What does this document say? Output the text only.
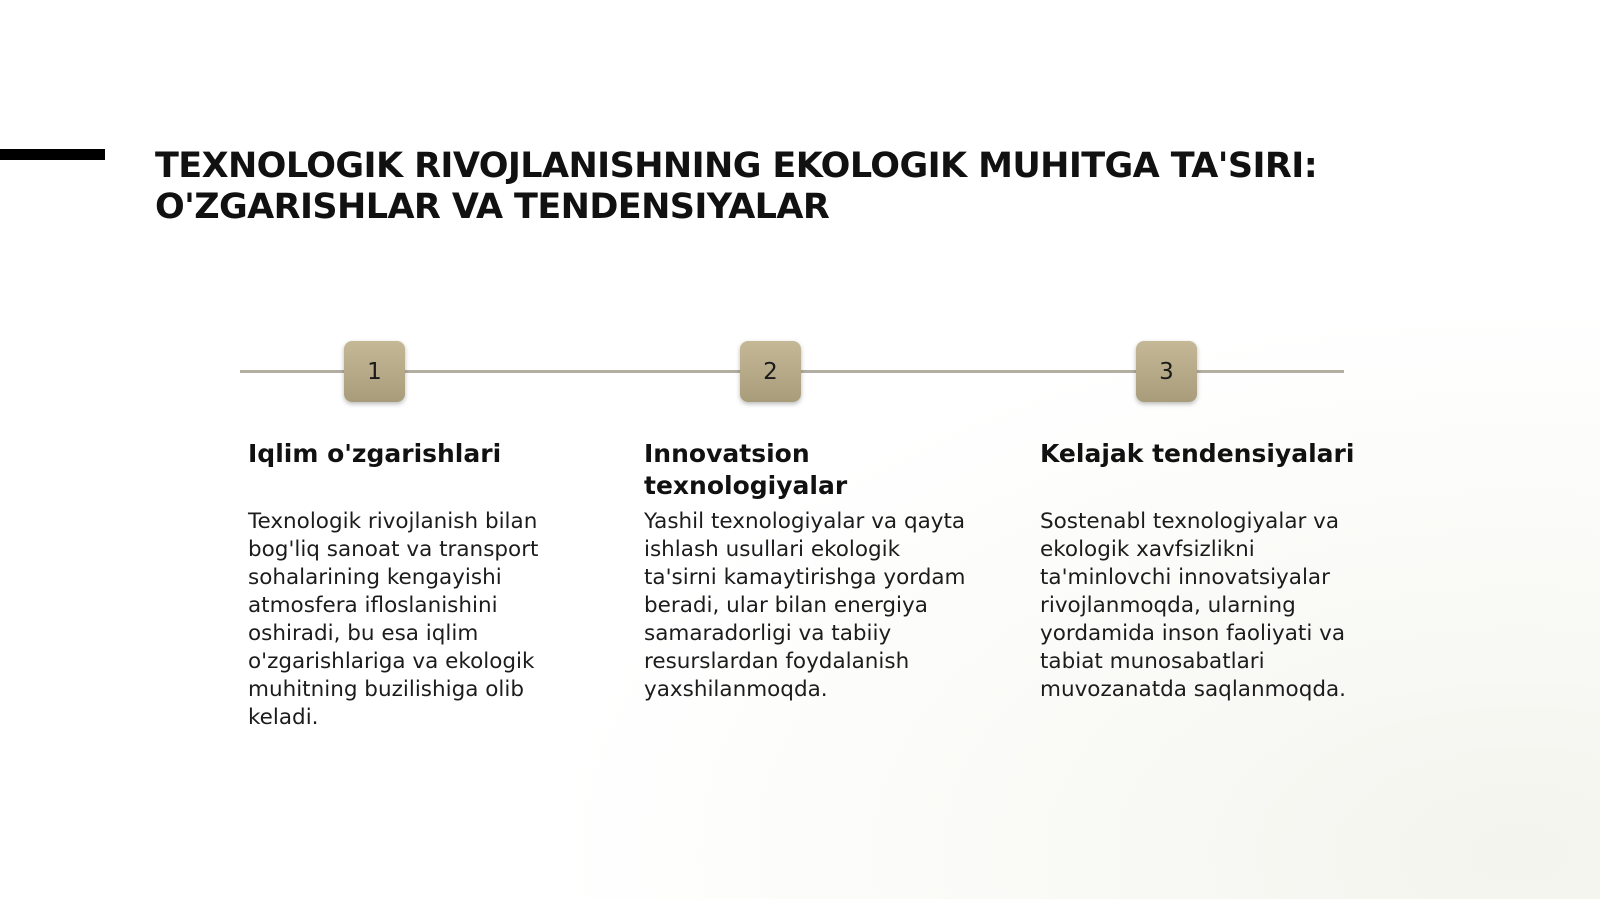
TEXNOLOGIK RIVOJLANISHNING EKOLOGIK MUHITGA TA'SIRI:
O'ZGARISHLAR VA TENDENSIYALAR
1	2	3
Iqlim o'zgarishlari

Texnologik rivojlanish bilan
bog'liq sanoat va transport
sohalarining kengayishi
atmosfera ifloslanishini
oshiradi, bu esa iqlim
o'zgarishlariga va ekologik
muhitning buzilishiga olib
keladi.

Innovatsion texnologiyalar

Yashil texnologiyalar va qayta
ishlash usullari ekologik
ta'sirni kamaytirishga yordam
beradi, ular bilan energiya
samaradorligi va tabiiy
resurslardan foydalanish
yaxshilanmoqda.

Kelajak tendensiyalari

Sostenabl texnologiyalar va
ekologik xavfsizlikni
ta'minlovchi innovatsiyalar
rivojlanmoqda, ularning
yordamida inson faoliyati va
tabiat munosabatlari
muvozanatda saqlanmoqda.
